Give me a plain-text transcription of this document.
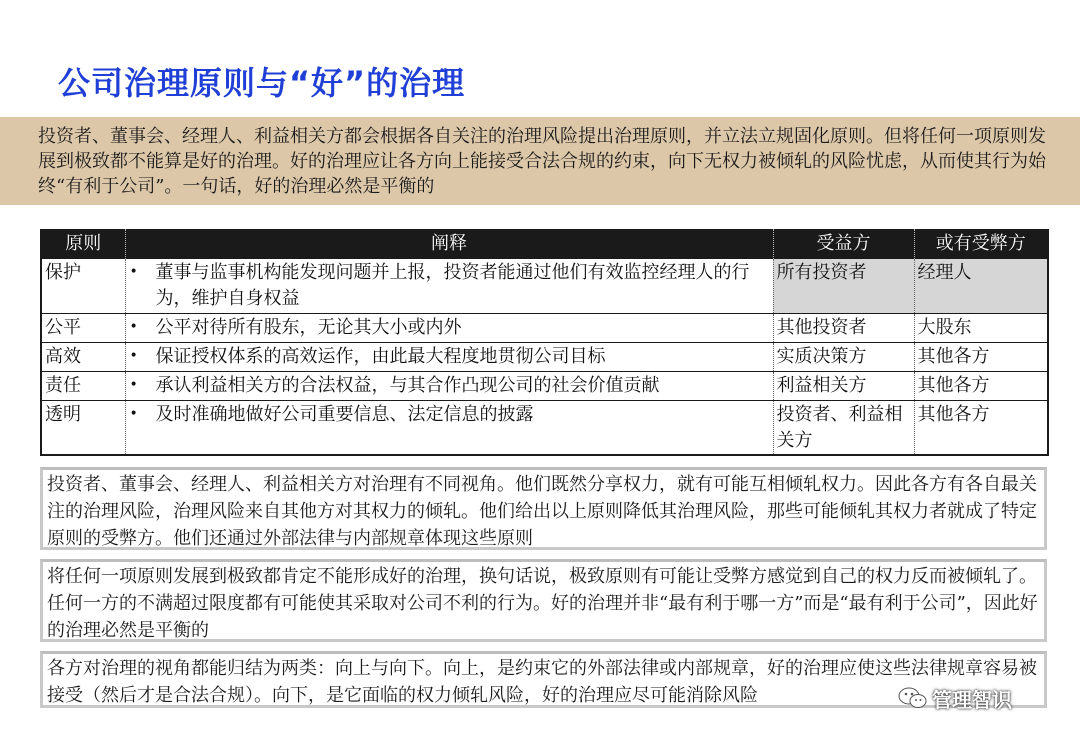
公司治理原则与“好”的治理
投资者、董事会、经理人、利益相关方都会根据各自关注的治理风险提出治理原则，并立法立规固化原则。但将任何一项原则发展到极致都不能算是好的治理。好的治理应让各方向上能接受合法合规的约束，向下无权力被倾轧的风险忧虑，从而使其行为始终“有利于公司”。一句话，好的治理必然是平衡的
原则	阐释	受益方	或有受弊方
保护	• 董事与监事机构能发现问题并上报，投资者能通过他们有效监控经理人的行为，维护自身权益	所有投资者	经理人
公平	• 公平对待所有股东，无论其大小或内外	其他投资者	大股东
高效	• 保证授权体系的高效运作，由此最大程度地贯彻公司目标	实质决策方	其他各方
责任	• 承认利益相关方的合法权益，与其合作凸现公司的社会价值贡献	利益相关方	其他各方
透明	• 及时准确地做好公司重要信息、法定信息的披露	投资者、利益相关方	其他各方
投资者、董事会、经理人、利益相关方对治理有不同视角。他们既然分享权力，就有可能互相倾轧权力。因此各方有各自最关注的治理风险，治理风险来自其他方对其权力的倾轧。他们给出以上原则降低其治理风险，那些可能倾轧其权力者就成了特定原则的受弊方。他们还通过外部法律与内部规章体现这些原则
将任何一项原则发展到极致都肯定不能形成好的治理，换句话说，极致原则有可能让受弊方感觉到自己的权力反而被倾轧了。任何一方的不满超过限度都有可能使其采取对公司不利的行为。好的治理并非“最有利于哪一方”而是“最有利于公司”，因此好的治理必然是平衡的
各方对治理的视角都能归结为两类：向上与向下。向上，是约束它的外部法律或内部规章，好的治理应使这些法律规章容易被接受（然后才是合法合规）。向下，是它面临的权力倾轧风险，好的治理应尽可能消除风险	管理智识
